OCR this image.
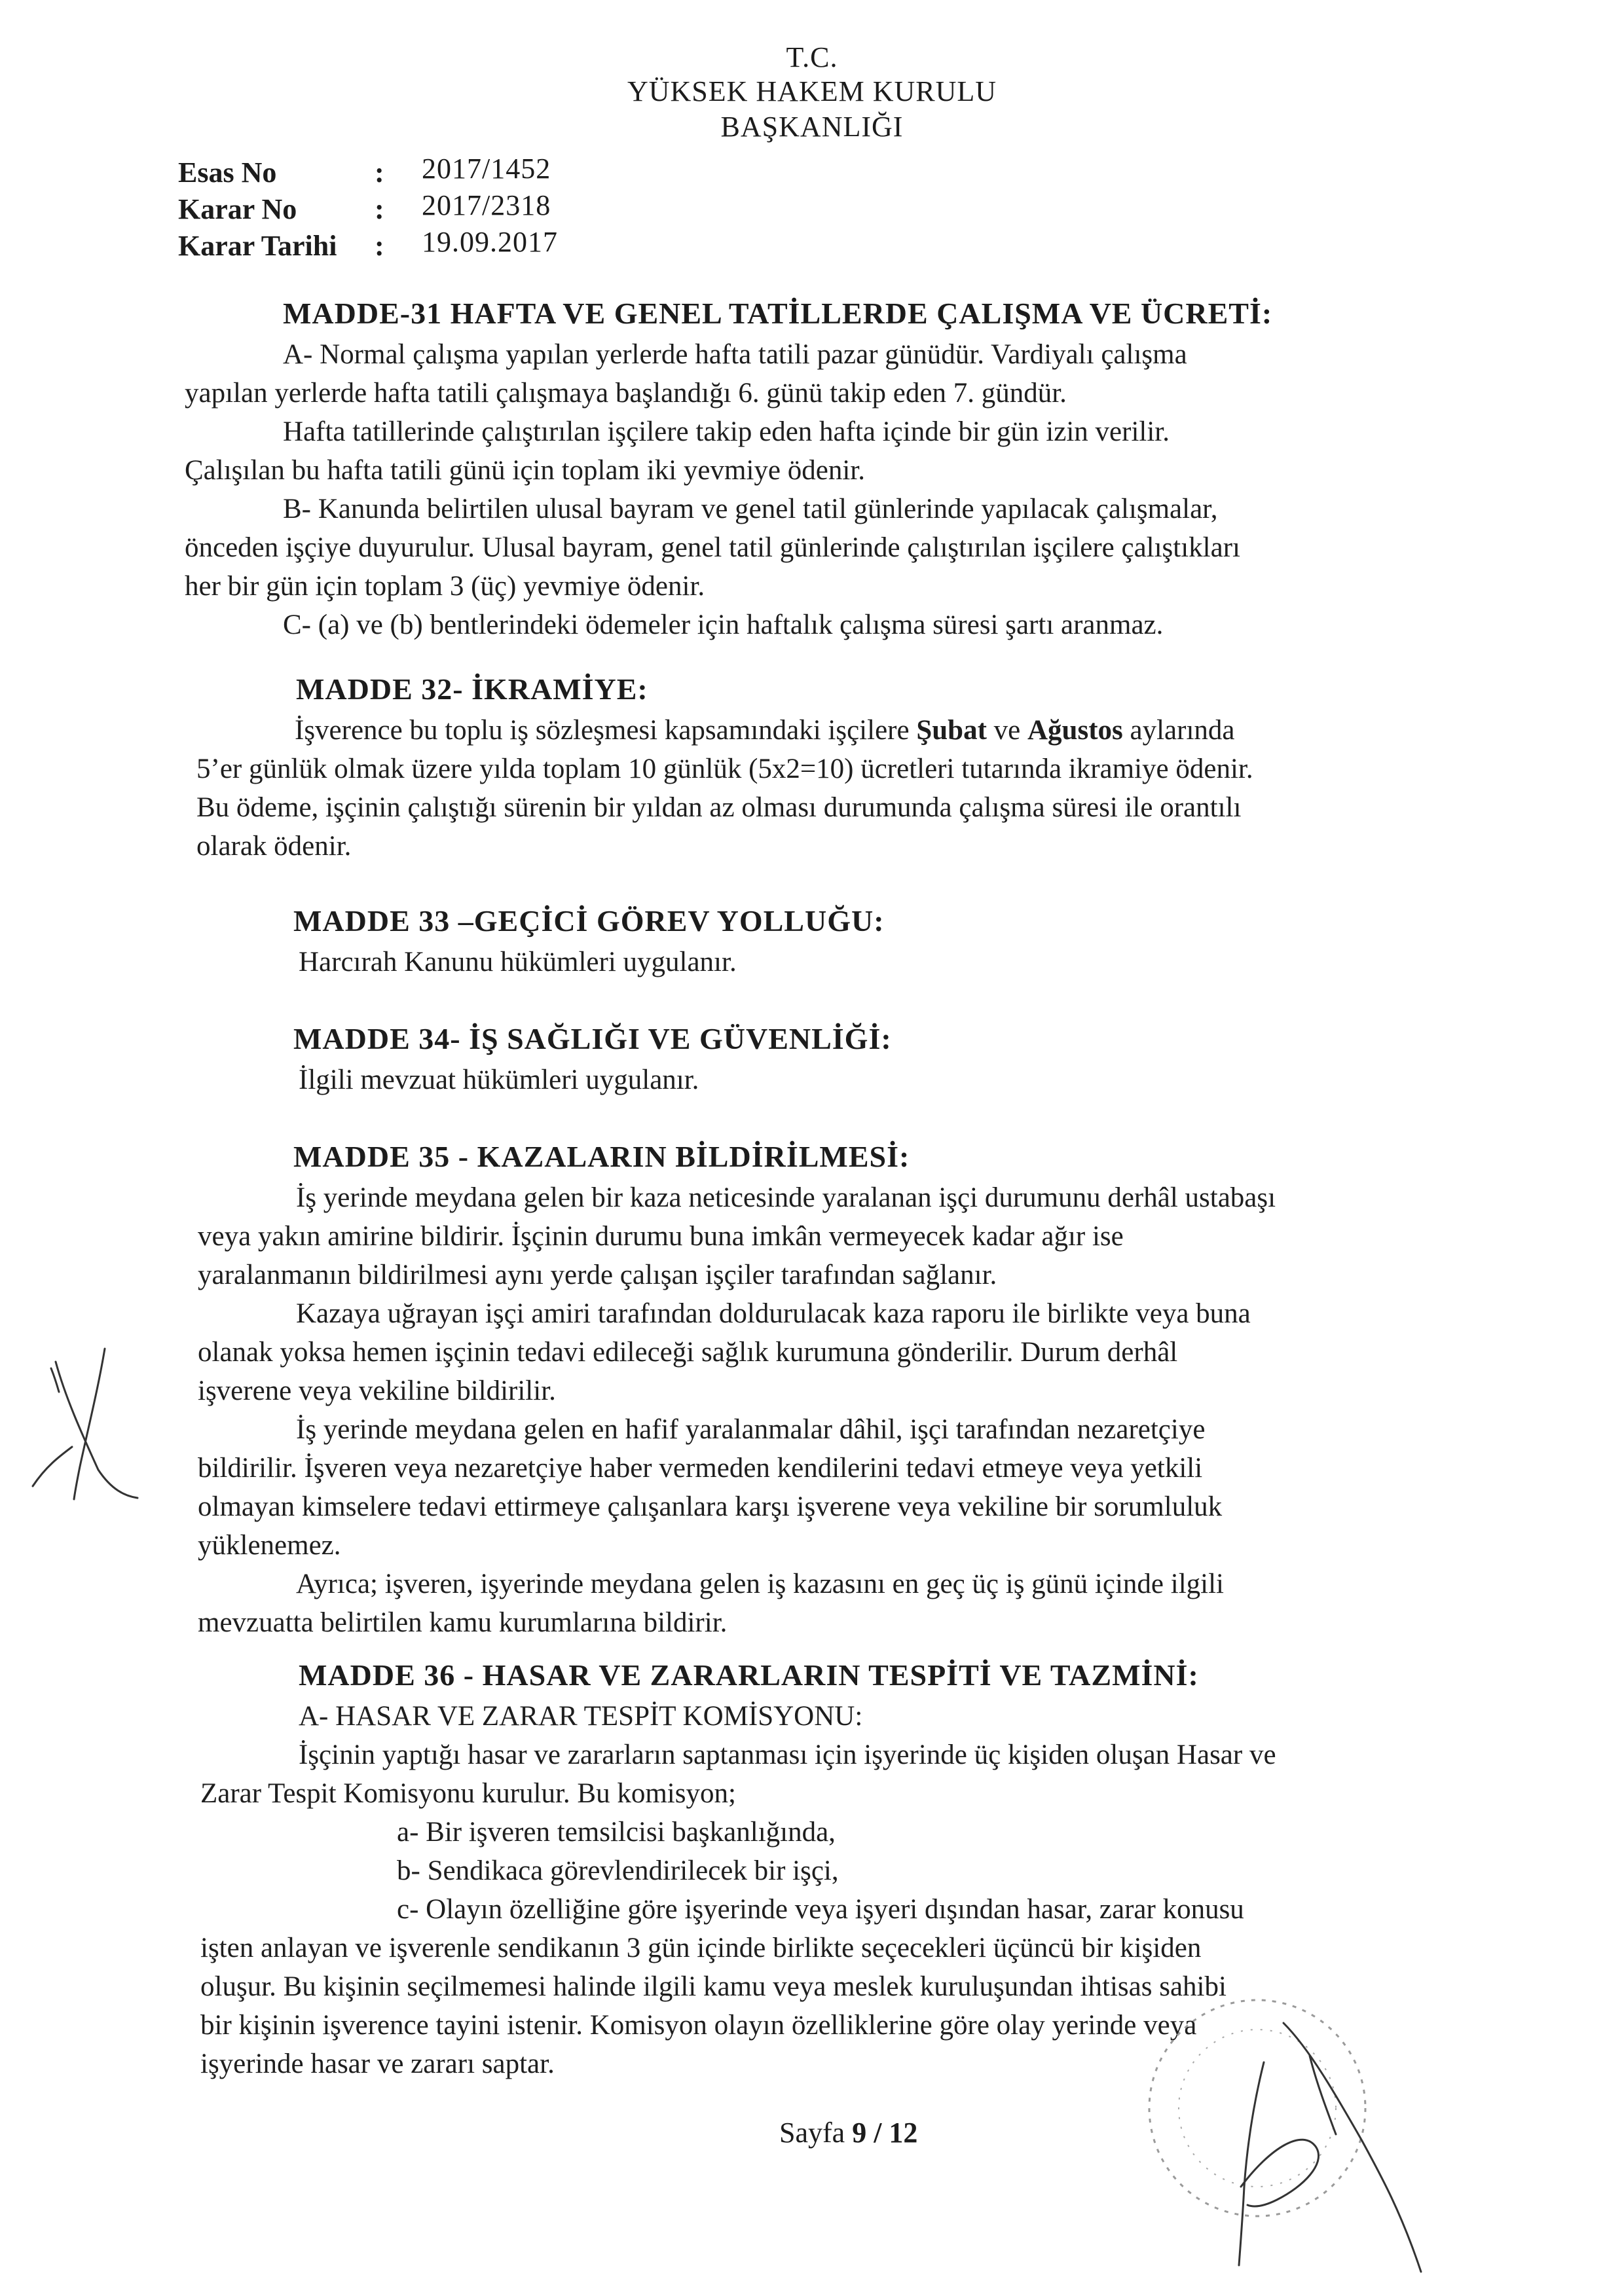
T.C.
YÜKSEK HAKEM KURULU
BAŞKANLIĞI
Esas No	: 2017/1452
Karar No	: 2017/2318
Karar Tarihi : 19.09.2017
MADDE-31 HAFTA VE GENEL TATİLLERDE ÇALIŞMA VE ÜCRETİ:
A- Normal çalışma yapılan yerlerde hafta tatili pazar günüdür. Vardiyalı çalışma
yapılan yerlerde hafta tatili çalışmaya başlandığı 6. günü takip eden 7. gündür.
Hafta tatillerinde çalıştırılan işçilere takip eden hafta içinde bir gün izin verilir.
Çalışılan bu hafta tatili günü için toplam iki yevmiye ödenir.
B- Kanunda belirtilen ulusal bayram ve genel tatil günlerinde yapılacak çalışmalar,
önceden işçiye duyurulur. Ulusal bayram, genel tatil günlerinde çalıştırılan işçilere çalıştıkları
her bir gün için toplam 3 (üç) yevmiye ödenir.
C- (a) ve (b) bentlerindeki ödemeler için haftalık çalışma süresi şartı aranmaz.
MADDE 32- İKRAMİYE:
İşverence bu toplu iş sözleşmesi kapsamındaki işçilere Şubat ve Ağustos aylarında
5’er günlük olmak üzere yılda toplam 10 günlük (5x2=10) ücretleri tutarında ikramiye ödenir.
Bu ödeme, işçinin çalıştığı sürenin bir yıldan az olması durumunda çalışma süresi ile orantılı
olarak ödenir.
MADDE 33 –GEÇİCİ GÖREV YOLLUĞU:
Harcırah Kanunu hükümleri uygulanır.
MADDE 34- İŞ SAĞLIĞI VE GÜVENLİĞİ:
İlgili mevzuat hükümleri uygulanır.
MADDE 35 - KAZALARIN BİLDİRİLMESİ:
İş yerinde meydana gelen bir kaza neticesinde yaralanan işçi durumunu derhâl ustabaşı
veya yakın amirine bildirir. İşçinin durumu buna imkân vermeyecek kadar ağır ise
yaralanmanın bildirilmesi aynı yerde çalışan işçiler tarafından sağlanır.
Kazaya uğrayan işçi amiri tarafından doldurulacak kaza raporu ile birlikte veya buna
olanak yoksa hemen işçinin tedavi edileceği sağlık kurumuna gönderilir. Durum derhâl
işverene veya vekiline bildirilir.
İş yerinde meydana gelen en hafif yaralanmalar dâhil, işçi tarafından nezaretçiye
bildirilir. İşveren veya nezaretçiye haber vermeden kendilerini tedavi etmeye veya yetkili
olmayan kimselere tedavi ettirmeye çalışanlara karşı işverene veya vekiline bir sorumluluk
yüklenemez.
Ayrıca; işveren, işyerinde meydana gelen iş kazasını en geç üç iş günü içinde ilgili
mevzuatta belirtilen kamu kurumlarına bildirir.
MADDE 36 - HASAR VE ZARARLARIN TESPİTİ VE TAZMİNİ:
A- HASAR VE ZARAR TESPİT KOMİSYONU:
İşçinin yaptığı hasar ve zararların saptanması için işyerinde üç kişiden oluşan Hasar ve
Zarar Tespit Komisyonu kurulur. Bu komisyon;
a- Bir işveren temsilcisi başkanlığında,
b- Sendikaca görevlendirilecek bir işçi,
c- Olayın özelliğine göre işyerinde veya işyeri dışından hasar, zarar konusu
işten anlayan ve işverenle sendikanın 3 gün içinde birlikte seçecekleri üçüncü bir kişiden
oluşur. Bu kişinin seçilmemesi halinde ilgili kamu veya meslek kuruluşundan ihtisas sahibi
bir kişinin işverence tayini istenir. Komisyon olayın özelliklerine göre olay yerinde veya
işyerinde hasar ve zararı saptar.
Sayfa 9 / 12
